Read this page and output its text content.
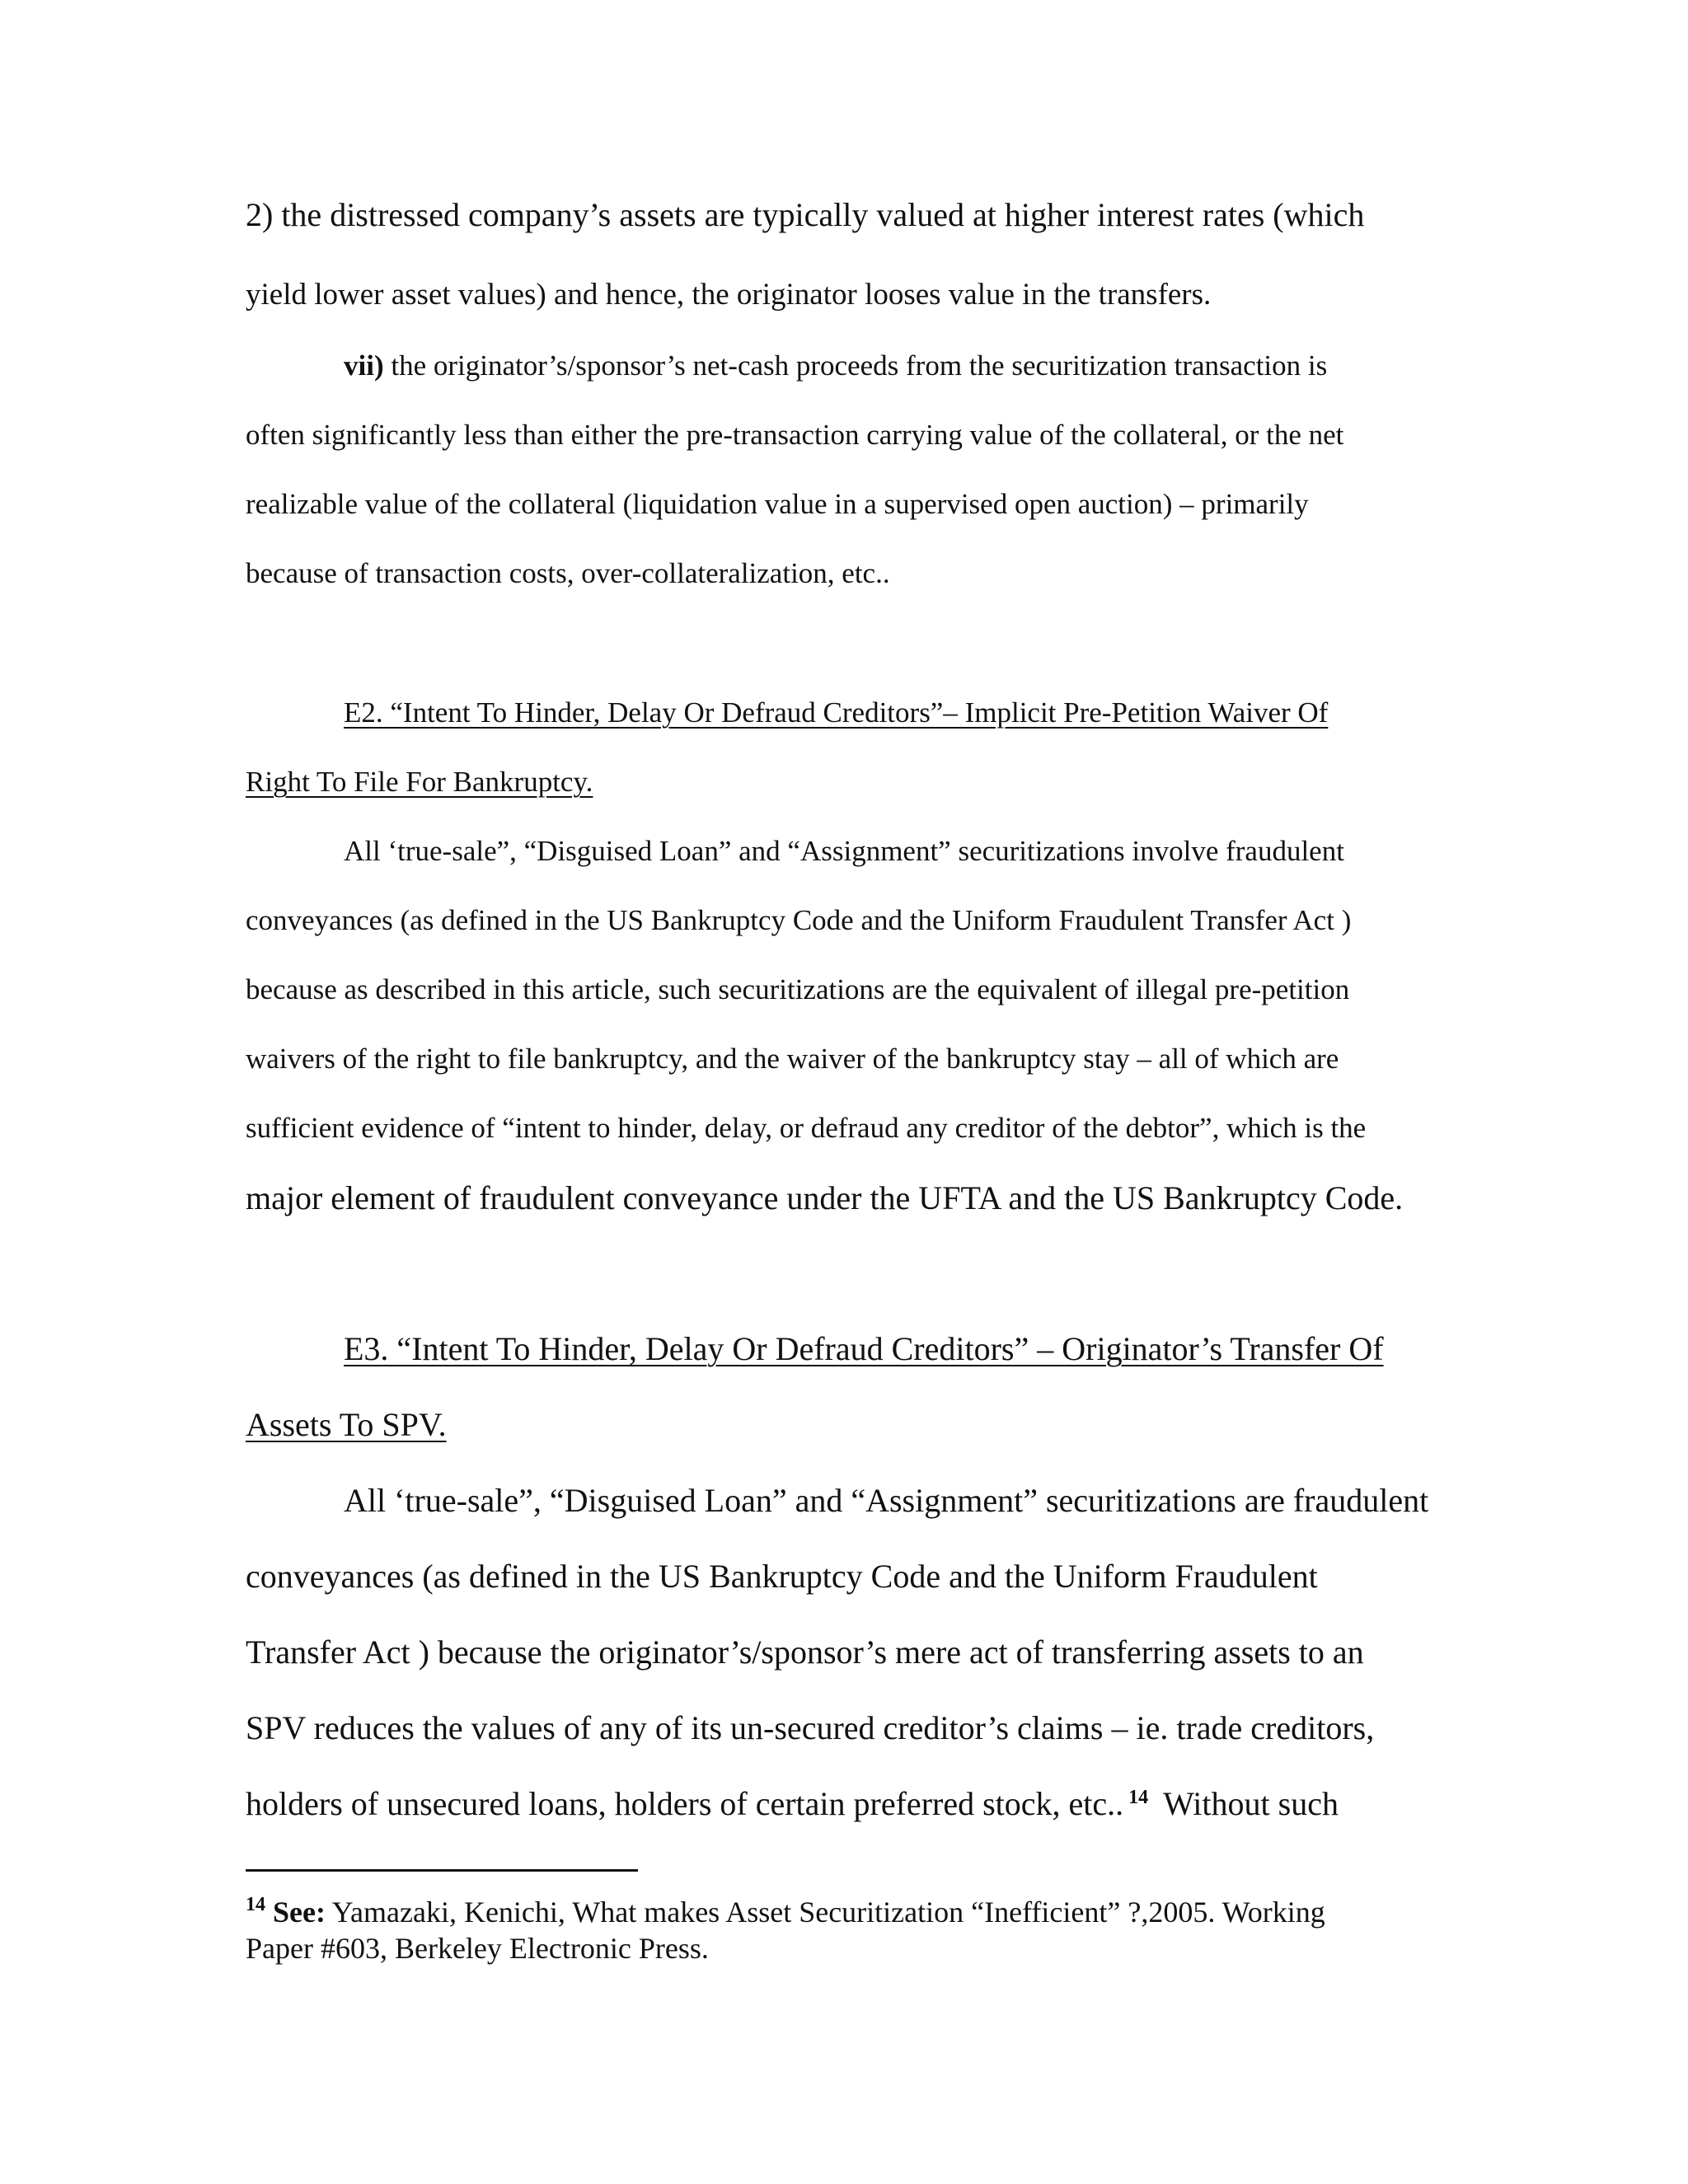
2) the distressed company’s assets are typically valued at higher interest rates (which
yield lower asset values) and hence, the originator looses value in the transfers.
vii) the originator’s/sponsor’s net-cash proceeds from the securitization transaction is
often significantly less than either the pre-transaction carrying value of the collateral, or the net
realizable value of the collateral (liquidation value in a supervised open auction) – primarily
because of transaction costs, over-collateralization, etc..
E2. “Intent To Hinder, Delay Or Defraud Creditors”– Implicit Pre-Petition Waiver Of
Right To File For Bankruptcy.
All ‘true-sale”, “Disguised Loan” and “Assignment” securitizations involve fraudulent
conveyances (as defined in the US Bankruptcy Code and the Uniform Fraudulent Transfer Act )
because as described in this article, such securitizations are the equivalent of illegal pre-petition
waivers of the right to file bankruptcy, and the waiver of the bankruptcy stay – all of which are
sufficient evidence of “intent to hinder, delay, or defraud any creditor of the debtor”, which is the
major element of fraudulent conveyance under the UFTA and the US Bankruptcy Code.
E3. “Intent To Hinder, Delay Or Defraud Creditors” – Originator’s Transfer Of
Assets To SPV.
All ‘true-sale”, “Disguised Loan” and “Assignment” securitizations are fraudulent
conveyances (as defined in the US Bankruptcy Code and the Uniform Fraudulent
Transfer Act ) because the originator’s/sponsor’s mere act of transferring assets to an
SPV reduces the values of any of its un-secured creditor’s claims – ie. trade creditors,
holders of unsecured loans, holders of certain preferred stock, etc.. $^{14}$ Without such
$^{14}$ See: Yamazaki, Kenichi, What makes Asset Securitization “Inefficient” ?,2005. Working
Paper #603, Berkeley Electronic Press.
